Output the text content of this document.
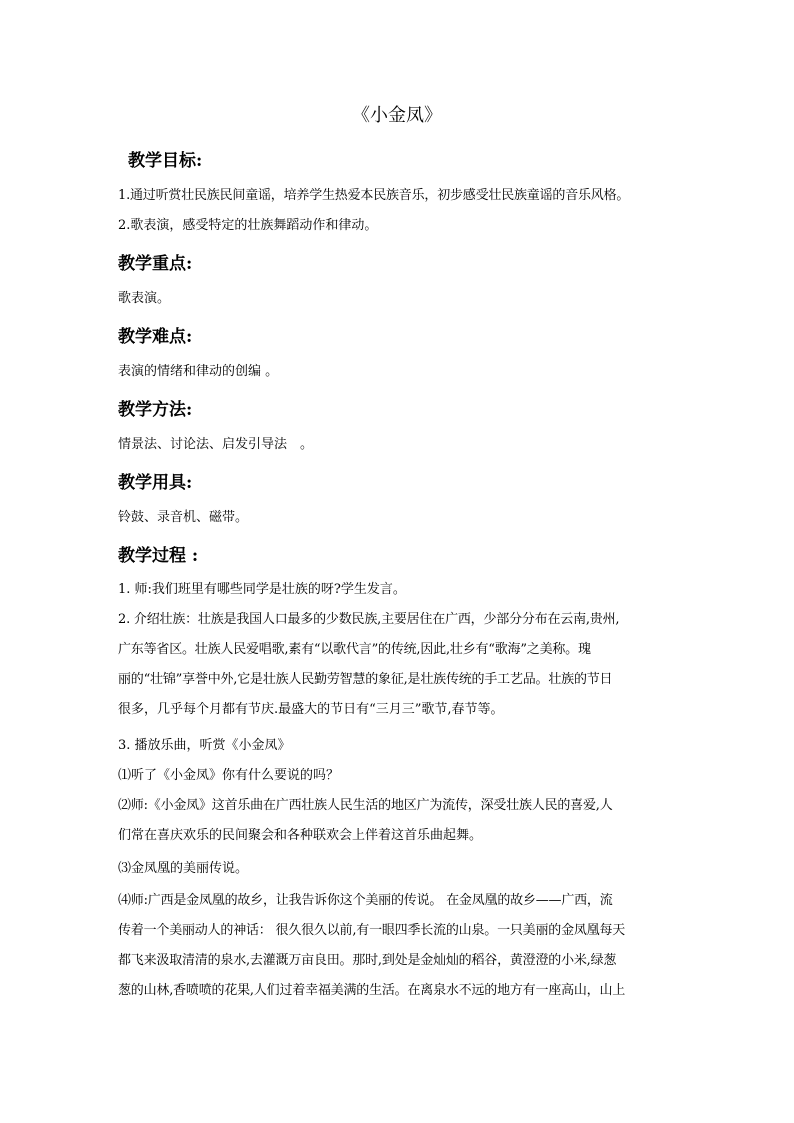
《小金凤》
教学目标:

1.通过听赏壮民族民间童谣，培养学生热爱本民族音乐，初步感受壮民族童谣的音乐风格。

2.歌表演，感受特定的壮族舞蹈动作和律动。

教学重点:

歌表演。

教学难点:

表演的情绪和律动的创编 。

教学方法:

情景法、讨论法、启发引导法　。

教学用具:

铃鼓、录音机、磁带。

教学过程 :

1. 师:我们班里有哪些同学是壮族的呀?学生发言。

2. 介绍壮族：壮族是我国人口最多的少数民族,主要居住在广西，少部分分布在云南,贵州,

广东等省区。壮族人民爱唱歌,素有“以歌代言”的传统,因此,壮乡有“歌海”之美称。瑰

丽的“壮锦”享誉中外,它是壮族人民勤劳智慧的象征,是壮族传统的手工艺品。壮族的节日

很多，几乎每个月都有节庆.最盛大的节日有“三月三”歌节,春节等。

3. 播放乐曲，听赏《小金凤》

⑴听了《小金凤》你有什么要说的吗？

⑵师:《小金凤》这首乐曲在广西壮族人民生活的地区广为流传，深受壮族人民的喜爱,人

们常在喜庆欢乐的民间聚会和各种联欢会上伴着这首乐曲起舞。

⑶金凤凰的美丽传说。

⑷师:广西是金凤凰的故乡，让我告诉你这个美丽的传说。 在金凤凰的故乡——广西，流

传着一个美丽动人的神话： 很久很久以前,有一眼四季长流的山泉。一只美丽的金凤凰每天

都飞来汲取清清的泉水,去灌溉万亩良田。那时,到处是金灿灿的稻谷，黄澄澄的小米,绿葱

葱的山林,香喷喷的花果,人们过着幸福美满的生活。在离泉水不远的地方有一座高山，山上
